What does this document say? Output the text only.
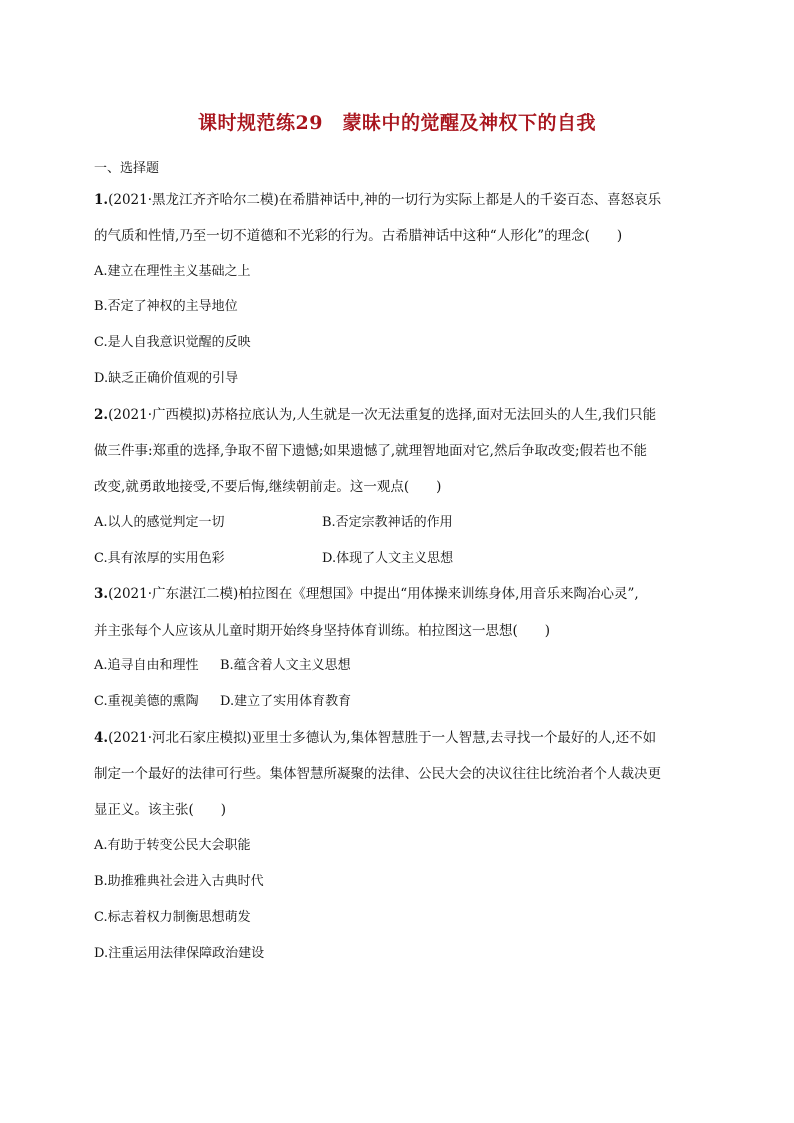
课时规范练29　蒙昧中的觉醒及神权下的自我
一、选择题
1.(2021·黑龙江齐齐哈尔二模)在希腊神话中,神的一切行为实际上都是人的千姿百态、喜怒哀乐
的气质和性情,乃至一切不道德和不光彩的行为。古希腊神话中这种“人形化”的理念(　　)
A.建立在理性主义基础之上
B.否定了神权的主导地位
C.是人自我意识觉醒的反映
D.缺乏正确价值观的引导
2.(2021·广西模拟)苏格拉底认为,人生就是一次无法重复的选择,面对无法回头的人生,我们只能
做三件事:郑重的选择,争取不留下遗憾;如果遗憾了,就理智地面对它,然后争取改变;假若也不能
改变,就勇敢地接受,不要后悔,继续朝前走。这一观点(　　)
A.以人的感觉判定一切	B.否定宗教神话的作用
C.具有浓厚的实用色彩	D.体现了人文主义思想
3.(2021·广东湛江二模)柏拉图在《理想国》中提出“用体操来训练身体,用音乐来陶冶心灵”,
并主张每个人应该从儿童时期开始终身坚持体育训练。柏拉图这一思想(　　)
A.追寻自由和理性 B.蕴含着人文主义思想
C.重视美德的熏陶 D.建立了实用体育教育
4.(2021·河北石家庄模拟)亚里士多德认为,集体智慧胜于一人智慧,去寻找一个最好的人,还不如
制定一个最好的法律可行些。集体智慧所凝聚的法律、公民大会的决议往往比统治者个人裁决更
显正义。该主张(　　)
A.有助于转变公民大会职能
B.助推雅典社会进入古典时代
C.标志着权力制衡思想萌发
D.注重运用法律保障政治建设
